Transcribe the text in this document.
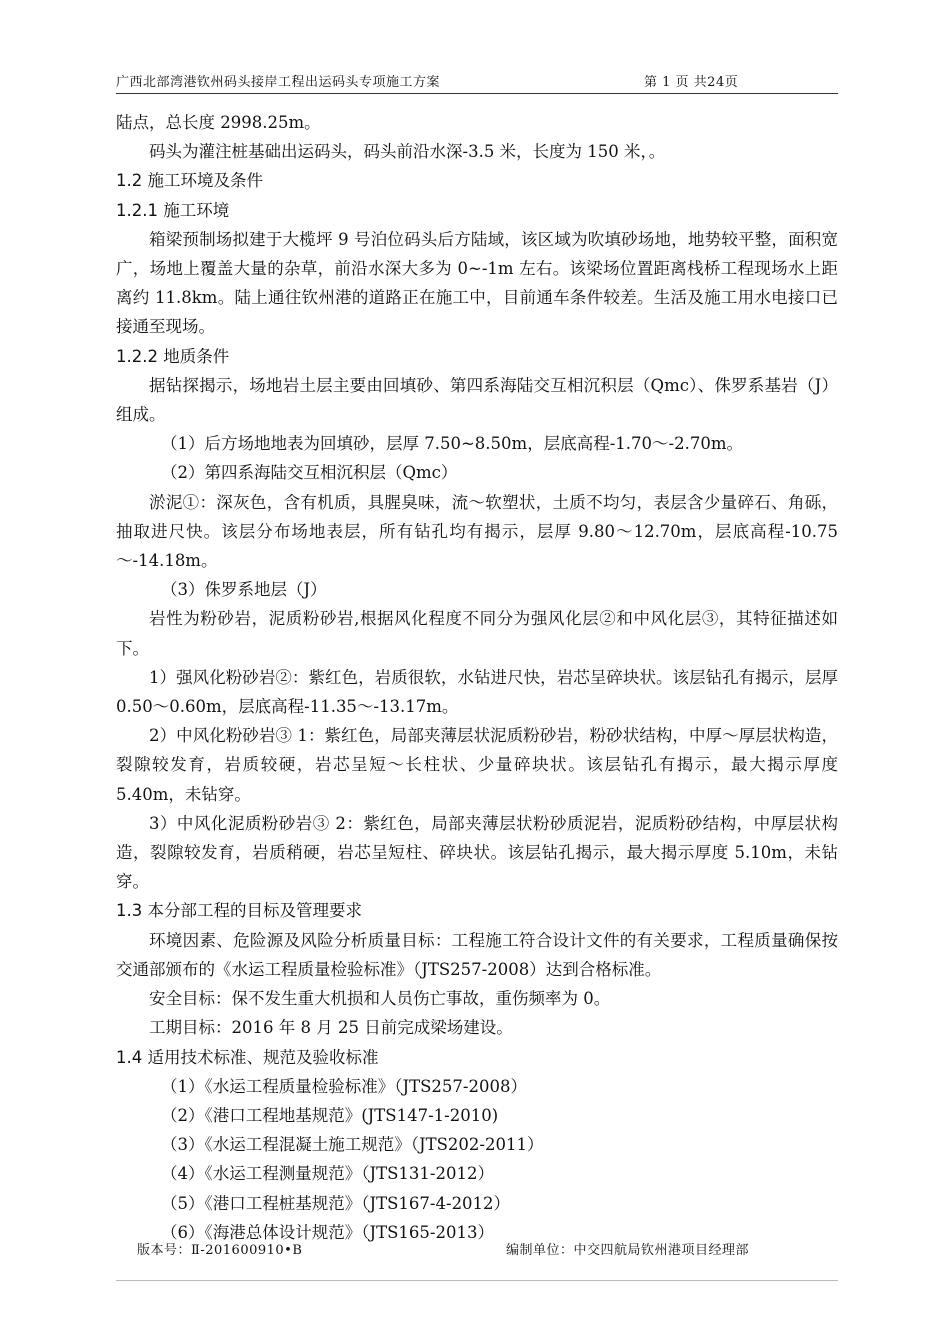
广西北部湾港钦州码头接岸工程出运码头专项施工方案	第 1 页 共24页

陆点，总长度 2998.25m。

码头为灌注桩基础出运码头，码头前沿水深-3.5 米，长度为 150 米，。

1.2 施工环境及条件
1.2.1 施工环境

箱梁预制场拟建于大榄坪 9 号泊位码头后方陆域，该区域为吹填砂场地，地势较平整，面积宽广，场地上覆盖大量的杂草，前沿水深大多为 0~-1m 左右。该梁场位置距离栈桥工程现场水上距离约 11.8km。陆上通往钦州港的道路正在施工中，目前通车条件较差。生活及施工用水电接口已接通至现场。

1.2.2 地质条件

据钻探揭示，场地岩土层主要由回填砂、第四系海陆交互相沉积层（Qmc）、侏罗系基岩（J）组成。

（1）后方场地地表为回填砂，层厚 7.50~8.50m，层底高程-1.70～-2.70m。

（2）第四系海陆交互相沉积层（Qmc）

淤泥①：深灰色，含有机质，具腥臭味，流～软塑状，土质不均匀，表层含少量碎石、角砾，抽取进尺快。该层分布场地表层，所有钻孔均有揭示，层厚 9.80～12.70m，层底高程-10.75～-14.18m。

（3）侏罗系地层（J）

岩性为粉砂岩，泥质粉砂岩,根据风化程度不同分为强风化层②和中风化层③，其特征描述如下。

1）强风化粉砂岩②：紫红色，岩质很软，水钻进尺快，岩芯呈碎块状。该层钻孔有揭示，层厚 0.50～0.60m，层底高程-11.35～-13.17m。

2）中风化粉砂岩③ 1：紫红色，局部夹薄层状泥质粉砂岩，粉砂状结构，中厚～厚层状构造，裂隙较发育，岩质较硬，岩芯呈短～长柱状、少量碎块状。该层钻孔有揭示，最大揭示厚度 5.40m，未钻穿。

3）中风化泥质粉砂岩③ 2：紫红色，局部夹薄层状粉砂质泥岩，泥质粉砂结构，中厚层状构造，裂隙较发育，岩质稍硬，岩芯呈短柱、碎块状。该层钻孔揭示，最大揭示厚度 5.10m，未钻穿。

1.3 本分部工程的目标及管理要求

环境因素、危险源及风险分析质量目标：工程施工符合设计文件的有关要求，工程质量确保按交通部颁布的《水运工程质量检验标准》（JTS257-2008）达到合格标准。

安全目标：保不发生重大机损和人员伤亡事故，重伤频率为 0。

工期目标：2016 年 8 月 25 日前完成梁场建设。

1.4 适用技术标准、规范及验收标准

（1）《水运工程质量检验标准》（JTS257-2008）

（2）《港口工程地基规范》(JTS147-1-2010)

（3）《水运工程混凝土施工规范》（JTS202-2011）

（4）《水运工程测量规范》（JTS131-2012）

（5）《港口工程桩基规范》（JTS167-4-2012）

（6）《海港总体设计规范》（JTS165-2013）

版本号：Ⅱ-201600910•B	编制单位：中交四航局钦州港项目经理部
